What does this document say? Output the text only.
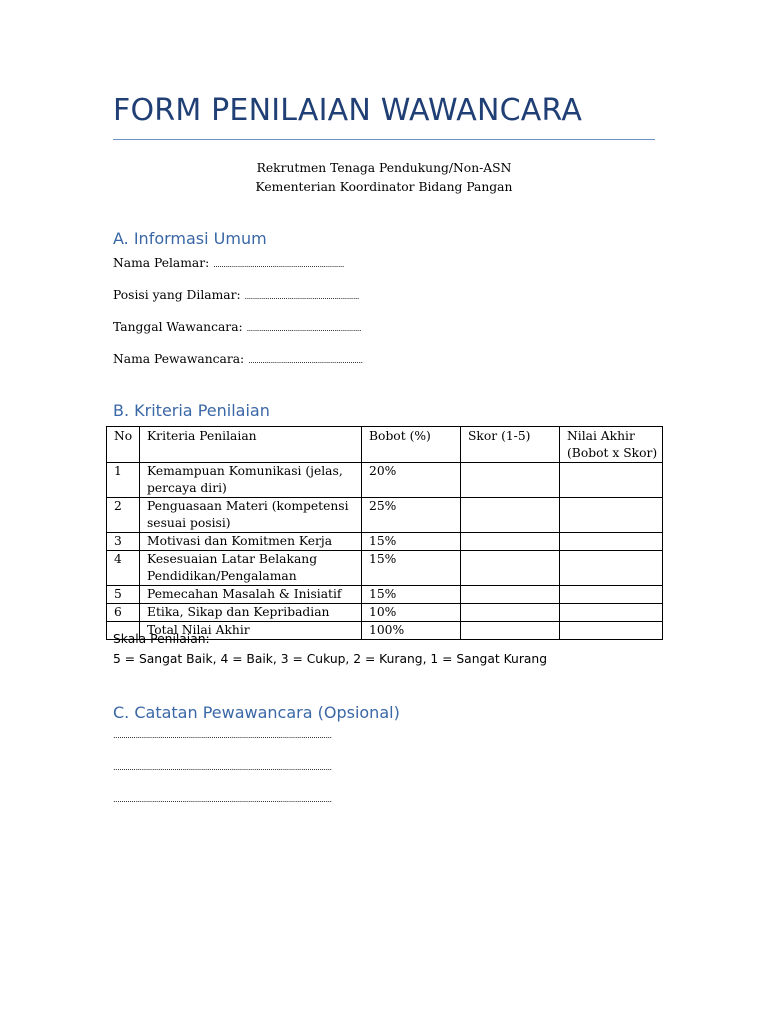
FORM PENILAIAN WAWANCARA
Rekrutmen Tenaga Pendukung/Non-ASN
Kementerian Koordinator Bidang Pangan
A. Informasi Umum
Nama Pelamar: ................................................................
Posisi yang Dilamar: ........................................................
Tanggal Wawancara: ........................................................
Nama Pewawancara: ........................................................
B. Kriteria Penilaian
No	Kriteria Penilaian	Bobot (%)	Skor (1-5)	Nilai Akhir (Bobot x Skor)
1	Kemampuan Komunikasi (jelas, percaya diri)	20%		
2	Penguasaan Materi (kompetensi sesuai posisi)	25%		
3	Motivasi dan Komitmen Kerja	15%		
4	Kesesuaian Latar Belakang Pendidikan/Pengalaman	15%		
5	Pemecahan Masalah & Inisiatif	15%		
6	Etika, Sikap dan Kepribadian	10%		
	Total Nilai Akhir	100%		
Skala Penilaian:
5 = Sangat Baik, 4 = Baik, 3 = Cukup, 2 = Kurang, 1 = Sangat Kurang
C. Catatan Pewawancara (Opsional)
...........................................................................................................
...........................................................................................................
...........................................................................................................
